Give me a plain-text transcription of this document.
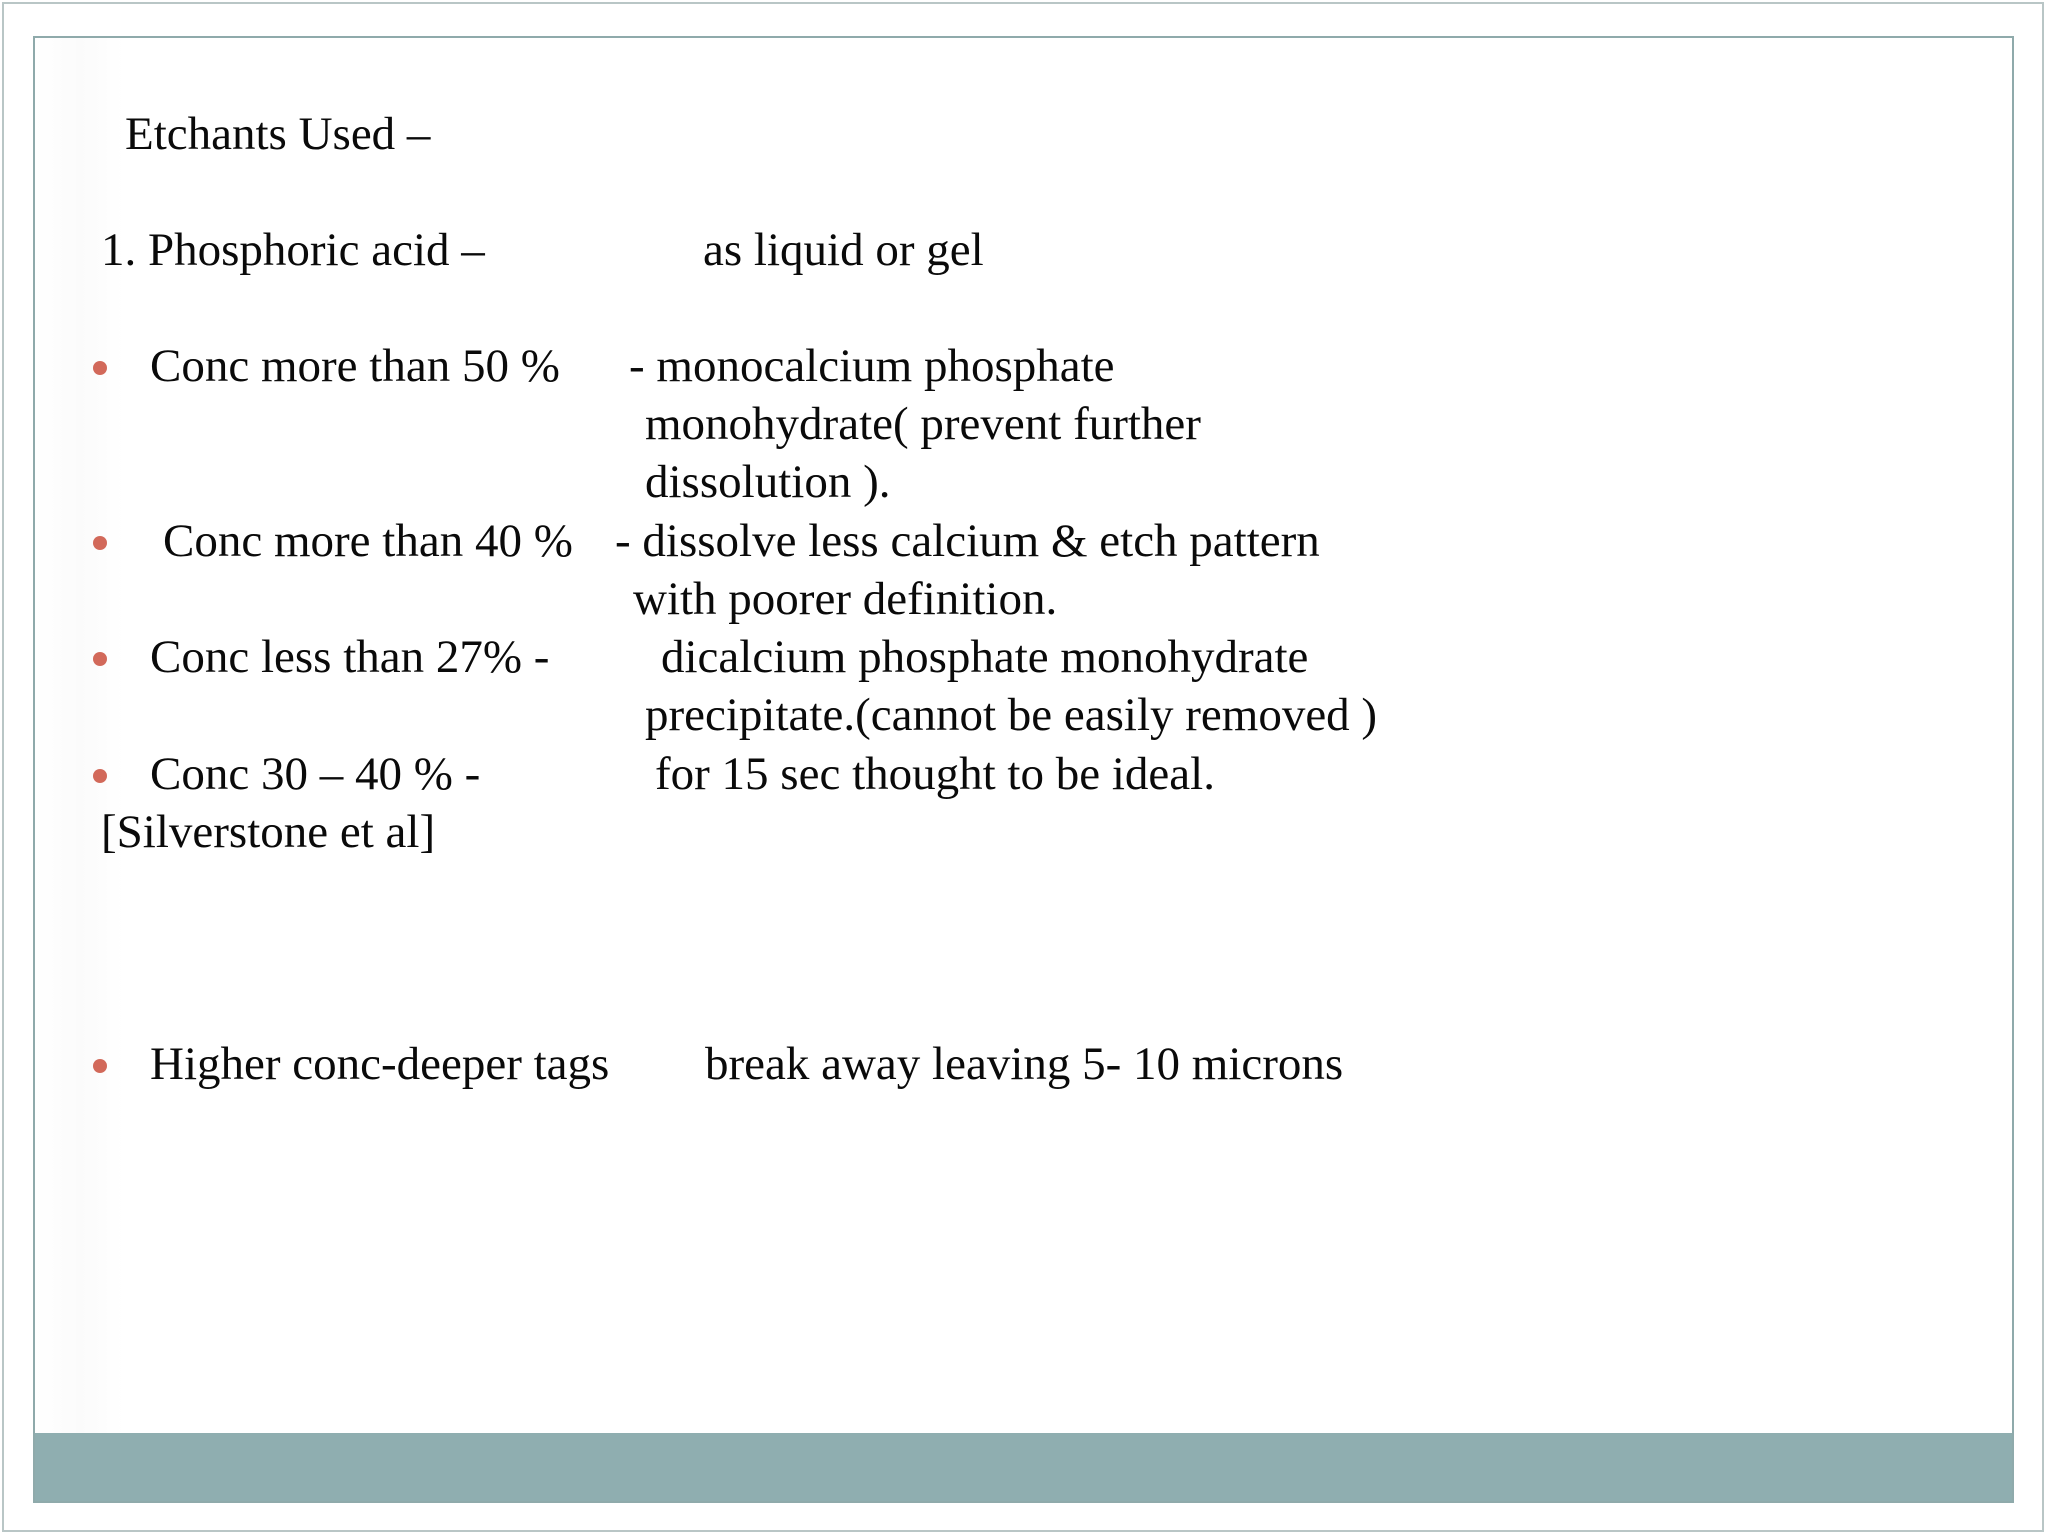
Etchants Used –
1. Phosphoric acid –	as liquid or gel
Conc more than 50 % - monocalcium phosphate
monohydrate( prevent further
dissolution ).
Conc more than 40 % - dissolve less calcium & etch pattern
with poorer definition.
Conc less than 27% - dicalcium phosphate monohydrate
precipitate.(cannot be easily removed )
Conc 30 – 40 % -	for 15 sec thought to be ideal.
[Silverstone et al]
Higher conc-deeper tags break away leaving 5- 10 microns
